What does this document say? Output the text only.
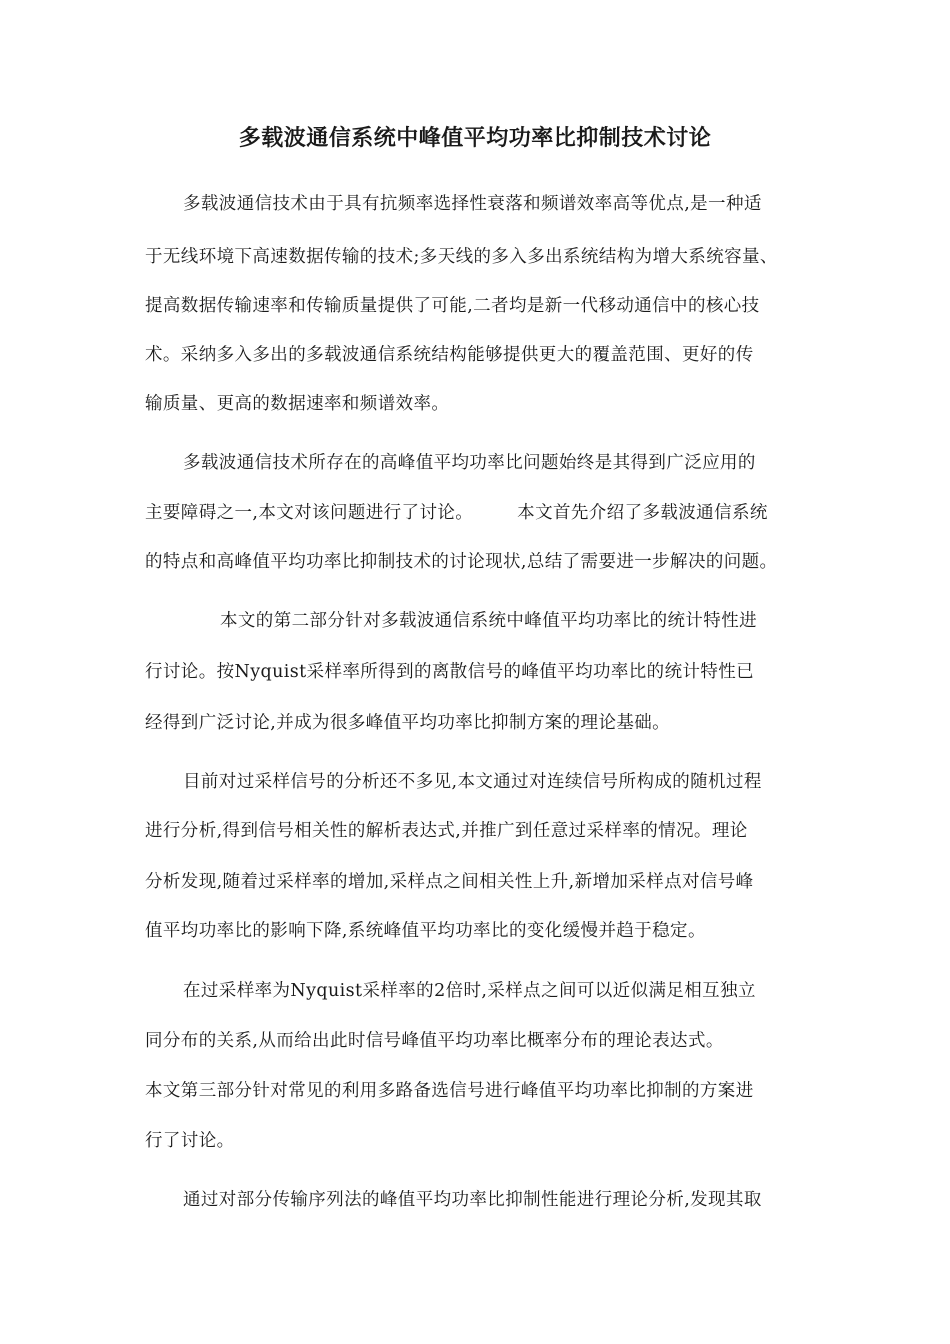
多载波通信系统中峰值平均功率比抑制技术讨论
多载波通信技术由于具有抗频率选择性衰落和频谱效率高等优点,是一种适
于无线环境下高速数据传输的技术;多天线的多入多出系统结构为增大系统容量、
提高数据传输速率和传输质量提供了可能,二者均是新一代移动通信中的核心技
术。采纳多入多出的多载波通信系统结构能够提供更大的覆盖范围、更好的传
输质量、更高的数据速率和频谱效率。
多载波通信技术所存在的高峰值平均功率比问题始终是其得到广泛应用的
主要障碍之一,本文对该问题进行了讨论。	本文首先介绍了多载波通信系统
的特点和高峰值平均功率比抑制技术的讨论现状,总结了需要进一步解决的问题。
本文的第二部分针对多载波通信系统中峰值平均功率比的统计特性进
行讨论。按Nyquist采样率所得到的离散信号的峰值平均功率比的统计特性已
经得到广泛讨论,并成为很多峰值平均功率比抑制方案的理论基础。
目前对过采样信号的分析还不多见,本文通过对连续信号所构成的随机过程
进行分析,得到信号相关性的解析表达式,并推广到任意过采样率的情况。理论
分析发现,随着过采样率的增加,采样点之间相关性上升,新增加采样点对信号峰
值平均功率比的影响下降,系统峰值平均功率比的变化缓慢并趋于稳定。
在过采样率为Nyquist采样率的2倍时,采样点之间可以近似满足相互独立
同分布的关系,从而给出此时信号峰值平均功率比概率分布的理论表达式。
本文第三部分针对常见的利用多路备选信号进行峰值平均功率比抑制的方案进
行了讨论。
通过对部分传输序列法的峰值平均功率比抑制性能进行理论分析,发现其取
